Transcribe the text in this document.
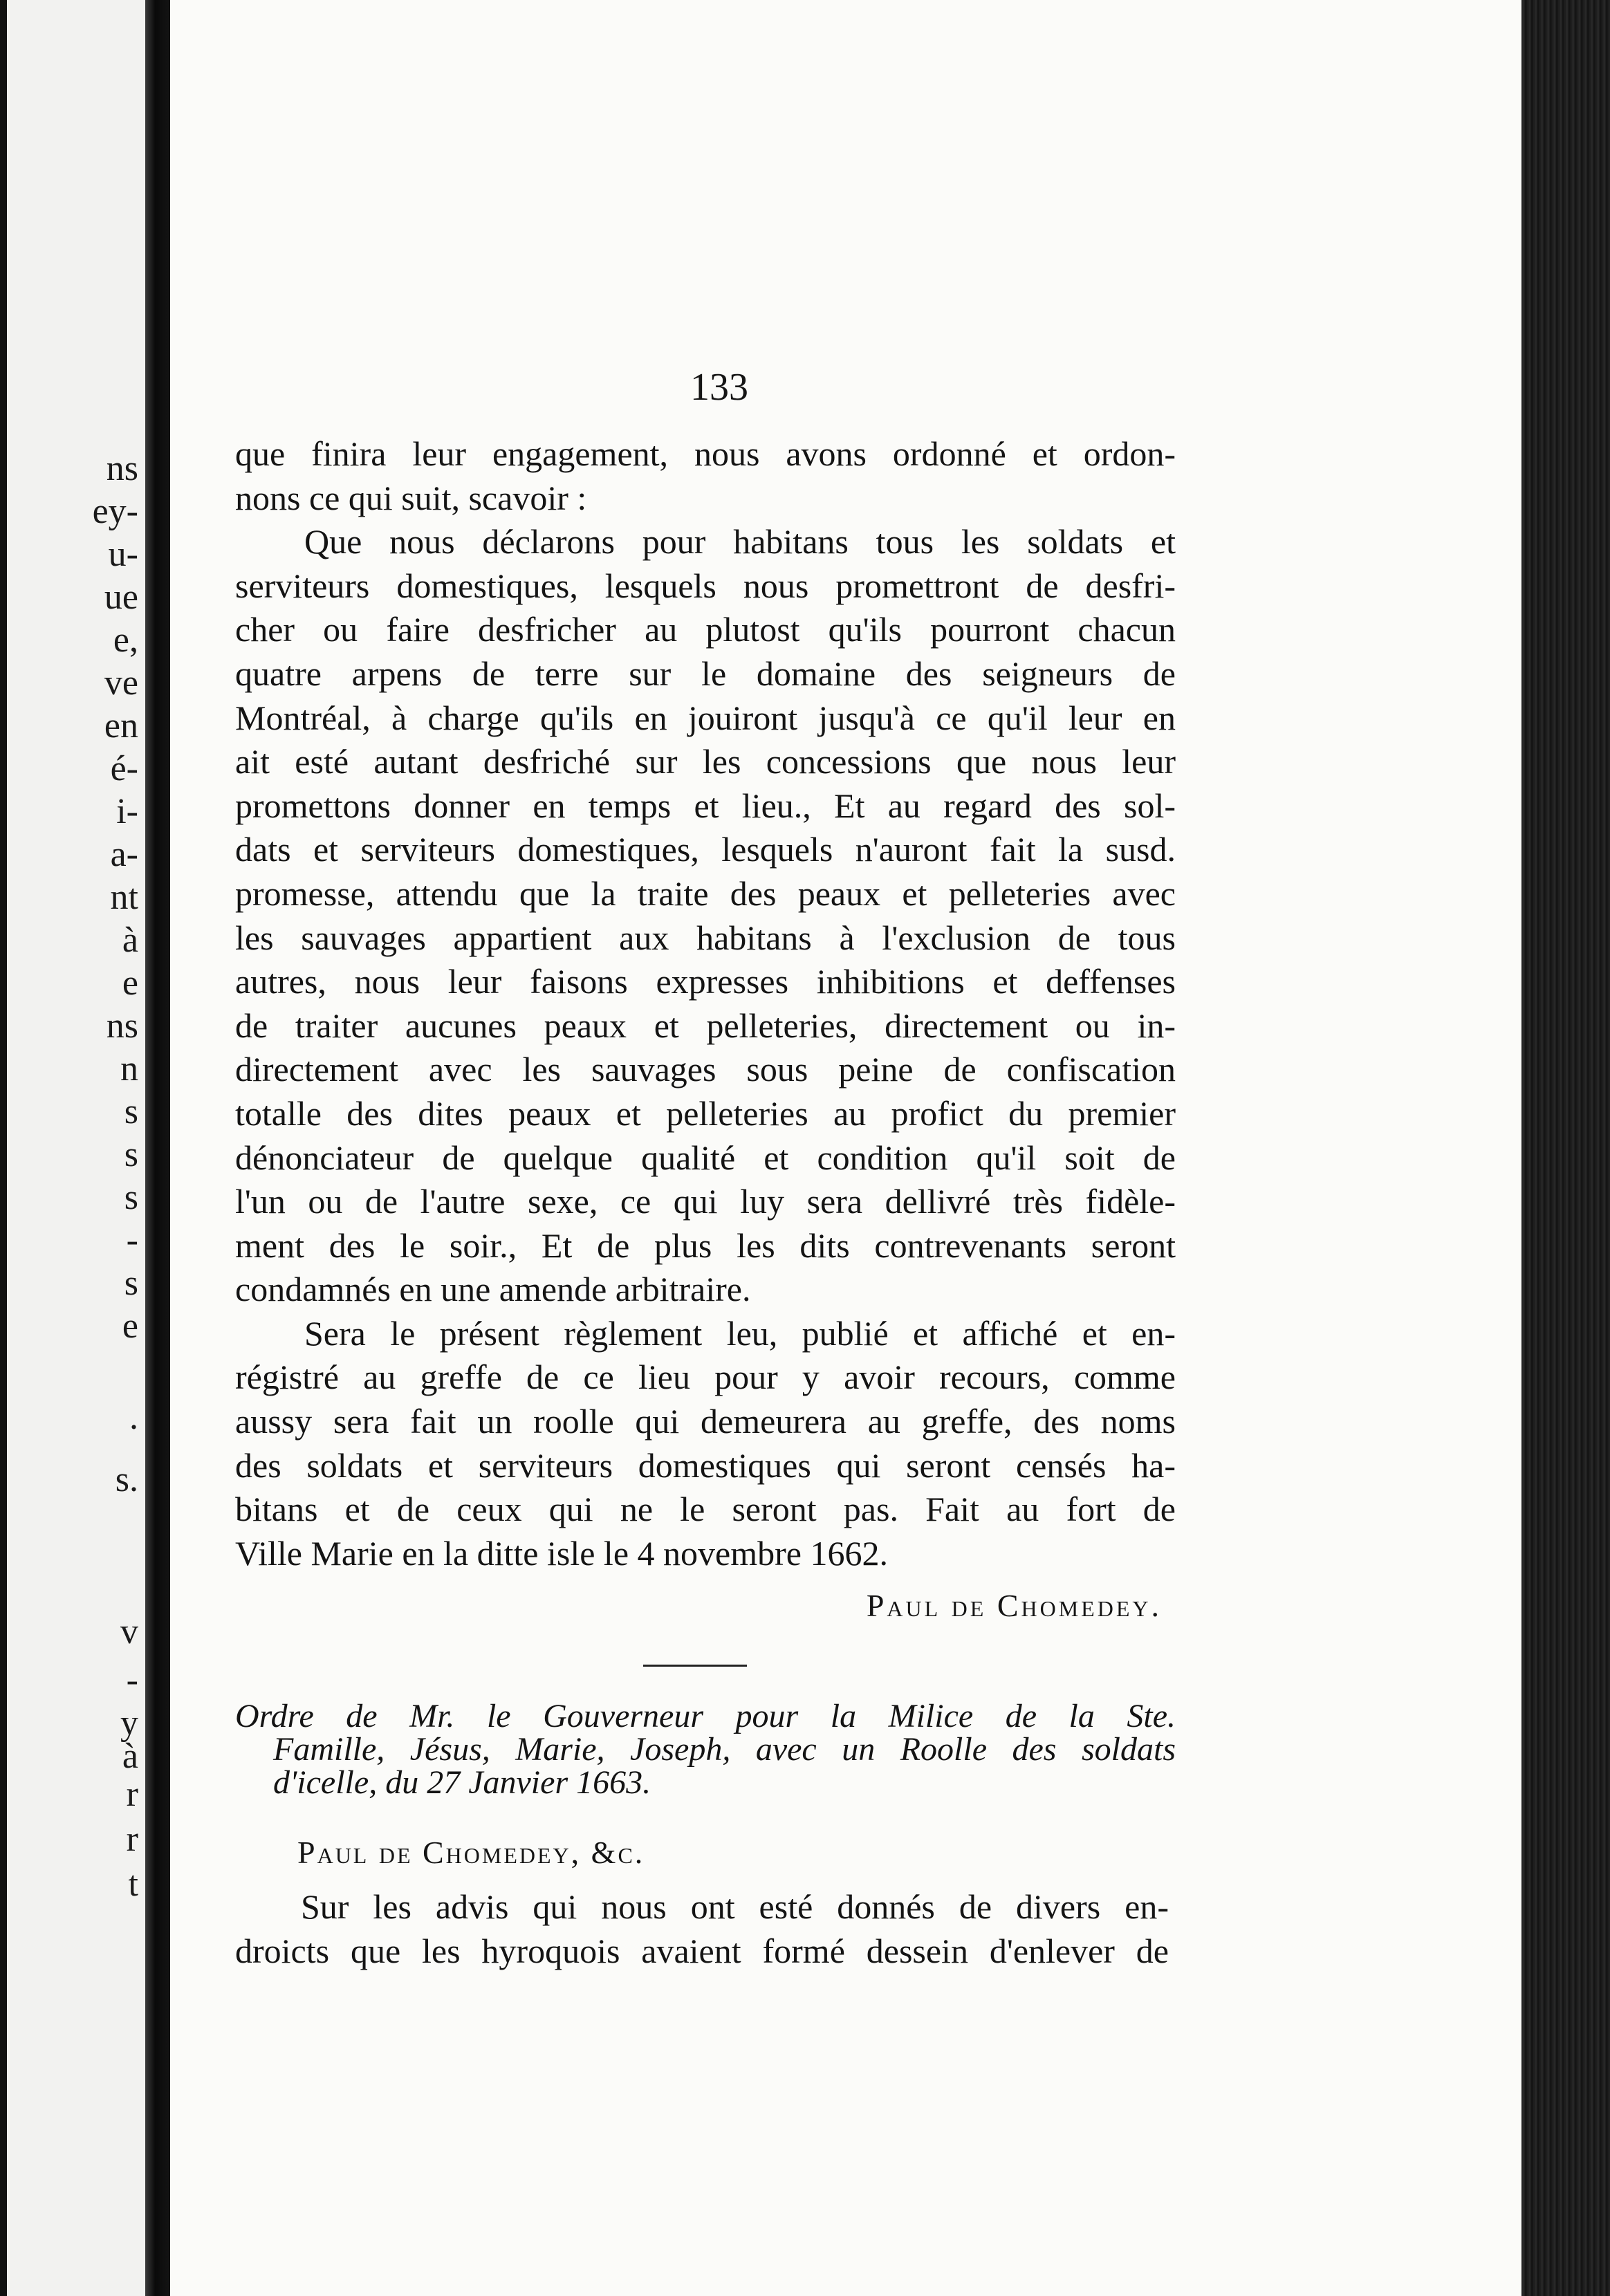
ns
ey-
u-
ue
e,
ve
en
é-
i-
a-
nt
à
e
ns
n
s
s
s
-
s
e
.
s.
v
-
y
à
r
r
t
133
que finira leur engagement, nous avons ordonné et ordon-
nons ce qui suit, scavoir :
Que nous déclarons pour habitans tous les soldats et
serviteurs domestiques, lesquels nous promettront de desfri-
cher ou faire desfricher au plutost qu'ils pourront chacun
quatre arpens de terre sur le domaine des seigneurs de
Montréal, à charge qu'ils en jouiront jusqu'à ce qu'il leur en
ait esté autant desfriché sur les concessions que nous leur
promettons donner en temps et lieu., Et au regard des sol-
dats et serviteurs domestiques, lesquels n'auront fait la susd.
promesse, attendu que la traite des peaux et pelleteries avec
les sauvages appartient aux habitans à l'exclusion de tous
autres, nous leur faisons expresses inhibitions et deffenses
de traiter aucunes peaux et pelleteries, directement ou in-
directement avec les sauvages sous peine de confiscation
totalle des dites peaux et pelleteries au profict du premier
dénonciateur de quelque qualité et condition qu'il soit de
l'un ou de l'autre sexe, ce qui luy sera dellivré très fidèle-
ment des le soir., Et de plus les dits contrevenants seront
condamnés en une amende arbitraire.
Sera le présent règlement leu, publié et affiché et en-
régistré au greffe de ce lieu pour y avoir recours, comme
aussy sera fait un roolle qui demeurera au greffe, des noms
des soldats et serviteurs domestiques qui seront censés ha-
bitans et de ceux qui ne le seront pas. Fait au fort de
Ville Marie en la ditte isle le 4 novembre 1662.
Paul de Chomedey.
Ordre de Mr. le Gouverneur pour la Milice de la Ste.
Famille, Jésus, Marie, Joseph, avec un Roolle des soldats
d'icelle, du 27 Janvier 1663.
Paul de Chomedey, &c.
Sur les advis qui nous ont esté donnés de divers en-
droicts que les hyroquois avaient formé dessein d'enlever de
